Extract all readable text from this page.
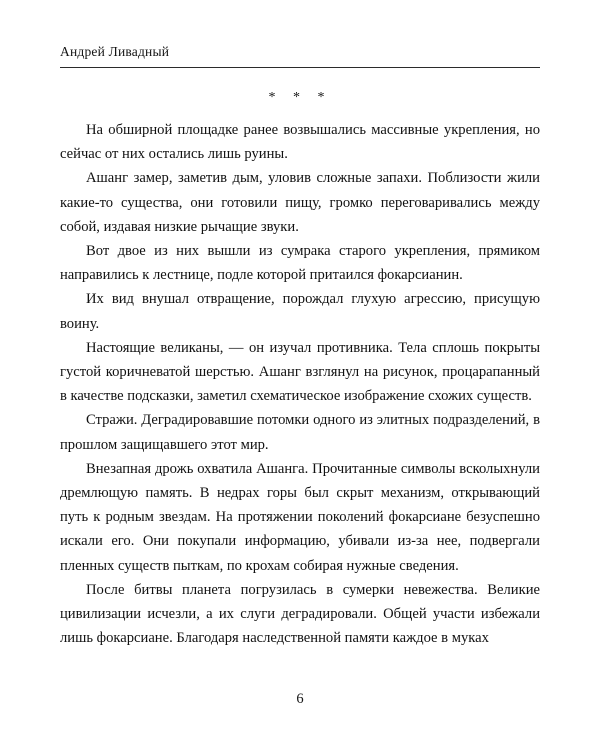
Андрей Ливадный
* * *

На обширной площадке ранее возвышались массивные укрепления, но сейчас от них остались лишь руины.

Ашанг замер, заметив дым, уловив сложные запахи. Поблизости жили какие-то существа, они готовили пищу, громко переговаривались между собой, издавая низкие рычащие звуки.

Вот двое из них вышли из сумрака старого укрепления, прямиком направились к лестнице, подле которой притаился фокарсианин.

Их вид внушал отвращение, порождал глухую агрессию, присущую воину.

Настоящие великаны, — он изучал противника. Тела сплошь покрыты густой коричневатой шерстью. Ашанг взглянул на рисунок, процарапанный в качестве подсказки, заметил схематическое изображение схожих существ.

Стражи. Деградировавшие потомки одного из элитных подразделений, в прошлом защищавшего этот мир.

Внезапная дрожь охватила Ашанга. Прочитанные символы всколыхнули дремлющую память. В недрах горы был скрыт механизм, открывающий путь к родным звездам. На протяжении поколений фокарсиане безуспешно искали его. Они покупали информацию, убивали из-за нее, подвергали пленных существ пыткам, по крохам собирая нужные сведения.

После битвы планета погрузилась в сумерки невежества. Великие цивилизации исчезли, а их слуги деградировали. Общей участи избежали лишь фокарсиане. Благодаря наследственной памяти каждое в муках

6
